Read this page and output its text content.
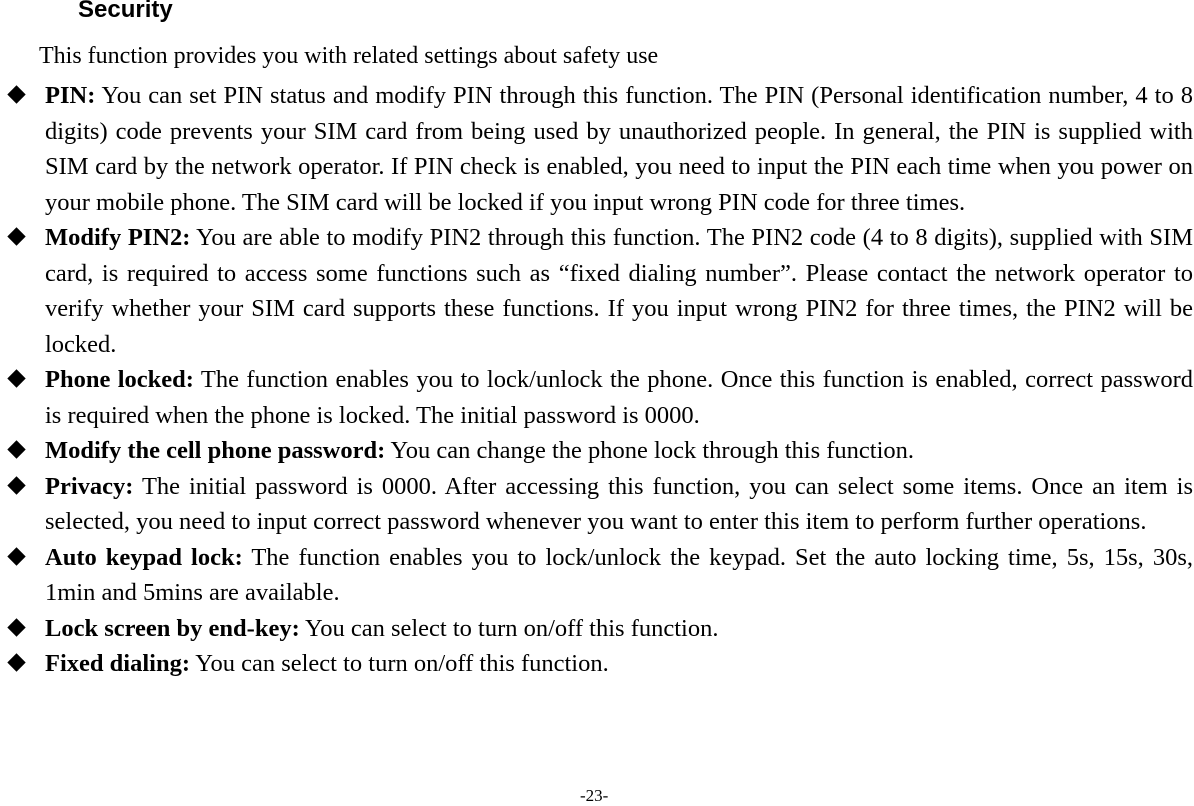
Security
This function provides you with related settings about safety use
PIN: You can set PIN status and modify PIN through this function. The PIN (Personal identification number, 4 to 8 digits) code prevents your SIM card from being used by unauthorized people. In general, the PIN is supplied with SIM card by the network operator. If PIN check is enabled, you need to input the PIN each time when you power on your mobile phone. The SIM card will be locked if you input wrong PIN code for three times.
Modify PIN2: You are able to modify PIN2 through this function. The PIN2 code (4 to 8 digits), supplied with SIM card, is required to access some functions such as “fixed dialing number”. Please contact the network operator to verify whether your SIM card supports these functions. If you input wrong PIN2 for three times, the PIN2 will be locked.
Phone locked: The function enables you to lock/unlock the phone. Once this function is enabled, correct password is required when the phone is locked. The initial password is 0000.
Modify the cell phone password: You can change the phone lock through this function.
Privacy: The initial password is 0000. After accessing this function, you can select some items. Once an item is selected, you need to input correct password whenever you want to enter this item to perform further operations.
Auto keypad lock: The function enables you to lock/unlock the keypad. Set the auto locking time, 5s, 15s, 30s, 1min and 5mins are available.
Lock screen by end-key: You can select to turn on/off this function.
Fixed dialing: You can select to turn on/off this function.
-23-
